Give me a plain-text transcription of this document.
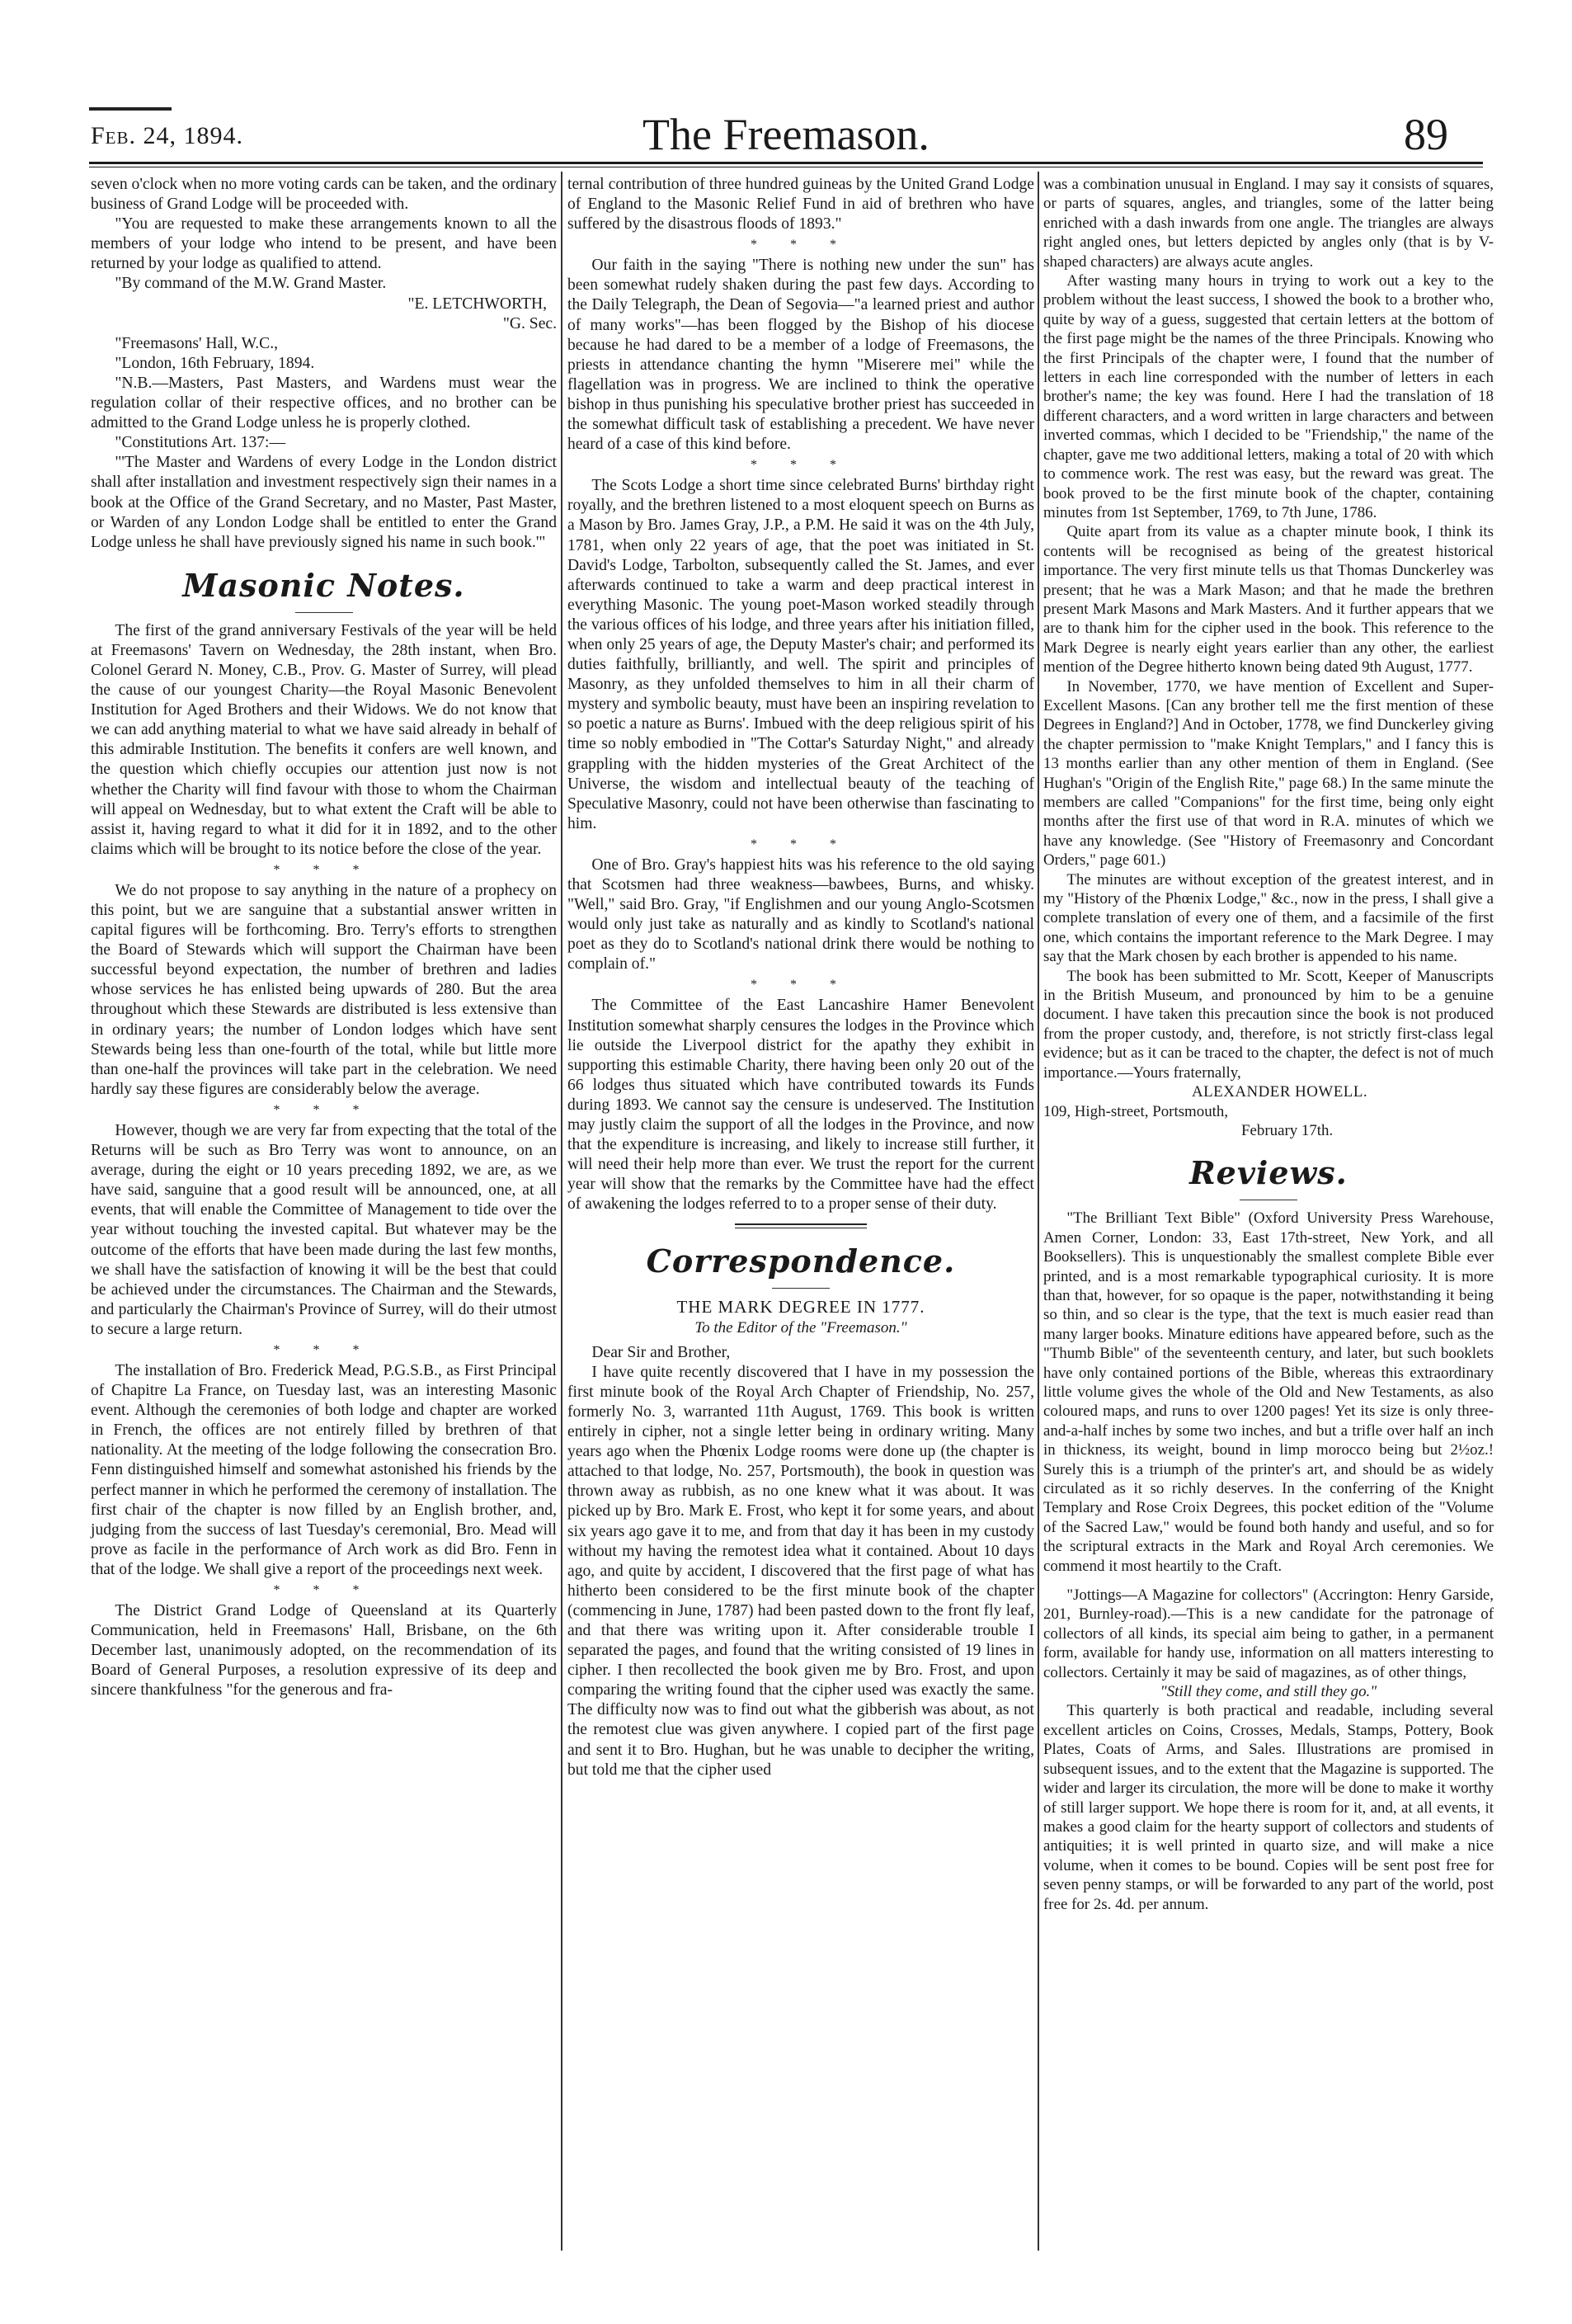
Feb. 24, 1894.	The Freemason.	89

seven o'clock when no more voting cards can be taken, and the ordinary business of Grand Lodge will be proceeded with.

"You are requested to make these arrangements known to all the members of your lodge who intend to be present, and have been returned by your lodge as qualified to attend.

"By command of the M.W. Grand Master.

"E. LETCHWORTH,

"G. Sec.

"Freemasons' Hall, W.C.,

"London, 16th February, 1894.

"N.B.—Masters, Past Masters, and Wardens must wear the regulation collar of their respective offices, and no brother can be admitted to the Grand Lodge unless he is properly clothed.

"Constitutions Art. 137:—

"'The Master and Wardens of every Lodge in the London district shall after installation and investment respectively sign their names in a book at the Office of the Grand Secretary, and no Master, Past Master, or Warden of any London Lodge shall be entitled to enter the Grand Lodge unless he shall have previously signed his name in such book.'"

Masonic Notes.

The first of the grand anniversary Festivals of the year will be held at Freemasons' Tavern on Wednesday, the 28th instant, when Bro. Colonel Gerard N. Money, C.B., Prov. G. Master of Surrey, will plead the cause of our youngest Charity—the Royal Masonic Benevolent Institution for Aged Brothers and their Widows. We do not know that we can add anything material to what we have said already in behalf of this admirable Institution. The benefits it confers are well known, and the question which chiefly occupies our attention just now is not whether the Charity will find favour with those to whom the Chairman will appeal on Wednesday, but to what extent the Craft will be able to assist it, having regard to what it did for it in 1892, and to the other claims which will be brought to its notice before the close of the year.

* * *

We do not propose to say anything in the nature of a prophecy on this point, but we are sanguine that a substantial answer written in capital figures will be forthcoming. Bro. Terry's efforts to strengthen the Board of Stewards which will support the Chairman have been successful beyond expectation, the number of brethren and ladies whose services he has enlisted being upwards of 280. But the area throughout which these Stewards are distributed is less extensive than in ordinary years; the number of London lodges which have sent Stewards being less than one-fourth of the total, while but little more than one-half the provinces will take part in the celebration. We need hardly say these figures are considerably below the average.

* * *

However, though we are very far from expecting that the total of the Returns will be such as Bro Terry was wont to announce, on an average, during the eight or 10 years preceding 1892, we are, as we have said, sanguine that a good result will be announced, one, at all events, that will enable the Committee of Management to tide over the year without touching the invested capital. But whatever may be the outcome of the efforts that have been made during the last few months, we shall have the satisfaction of knowing it will be the best that could be achieved under the circumstances. The Chairman and the Stewards, and particularly the Chairman's Province of Surrey, will do their utmost to secure a large return.

* * *

The installation of Bro. Frederick Mead, P.G.S.B., as First Principal of Chapitre La France, on Tuesday last, was an interesting Masonic event. Although the ceremonies of both lodge and chapter are worked in French, the offices are not entirely filled by brethren of that nationality. At the meeting of the lodge following the consecration Bro. Fenn distinguished himself and somewhat astonished his friends by the perfect manner in which he performed the ceremony of installation. The first chair of the chapter is now filled by an English brother, and, judging from the success of last Tuesday's ceremonial, Bro. Mead will prove as facile in the performance of Arch work as did Bro. Fenn in that of the lodge. We shall give a report of the proceedings next week.

* * *

The District Grand Lodge of Queensland at its Quarterly Communication, held in Freemasons' Hall, Brisbane, on the 6th December last, unanimously adopted, on the recommendation of its Board of General Purposes, a resolution expressive of its deep and sincere thankfulness "for the generous and fra-

ternal contribution of three hundred guineas by the United Grand Lodge of England to the Masonic Relief Fund in aid of brethren who have suffered by the disastrous floods of 1893."

* * *

Our faith in the saying "There is nothing new under the sun" has been somewhat rudely shaken during the past few days. According to the Daily Telegraph, the Dean of Segovia—"a learned priest and author of many works"—has been flogged by the Bishop of his diocese because he had dared to be a member of a lodge of Freemasons, the priests in attendance chanting the hymn "Miserere mei" while the flagellation was in progress. We are inclined to think the operative bishop in thus punishing his speculative brother priest has succeeded in the somewhat difficult task of establishing a precedent. We have never heard of a case of this kind before.

* * *

The Scots Lodge a short time since celebrated Burns' birthday right royally, and the brethren listened to a most eloquent speech on Burns as a Mason by Bro. James Gray, J.P., a P.M. He said it was on the 4th July, 1781, when only 22 years of age, that the poet was initiated in St. David's Lodge, Tarbolton, subsequently called the St. James, and ever afterwards continued to take a warm and deep practical interest in everything Masonic. The young poet-Mason worked steadily through the various offices of his lodge, and three years after his initiation filled, when only 25 years of age, the Deputy Master's chair; and performed its duties faithfully, brilliantly, and well. The spirit and principles of Masonry, as they unfolded themselves to him in all their charm of mystery and symbolic beauty, must have been an inspiring revelation to so poetic a nature as Burns'. Imbued with the deep religious spirit of his time so nobly embodied in "The Cottar's Saturday Night," and already grappling with the hidden mysteries of the Great Architect of the Universe, the wisdom and intellectual beauty of the teaching of Speculative Masonry, could not have been otherwise than fascinating to him.

* * *

One of Bro. Gray's happiest hits was his reference to the old saying that Scotsmen had three weakness—bawbees, Burns, and whisky. "Well," said Bro. Gray, "if Englishmen and our young Anglo-Scotsmen would only just take as naturally and as kindly to Scotland's national poet as they do to Scotland's national drink there would be nothing to complain of."

* * *

The Committee of the East Lancashire Hamer Benevolent Institution somewhat sharply censures the lodges in the Province which lie outside the Liverpool district for the apathy they exhibit in supporting this estimable Charity, there having been only 20 out of the 66 lodges thus situated which have contributed towards its Funds during 1893. We cannot say the censure is undeserved. The Institution may justly claim the support of all the lodges in the Province, and now that the expenditure is increasing, and likely to increase still further, it will need their help more than ever. We trust the report for the current year will show that the remarks by the Committee have had the effect of awakening the lodges referred to to a proper sense of their duty.

Correspondence.

THE MARK DEGREE IN 1777.

To the Editor of the "Freemason."

Dear Sir and Brother,

I have quite recently discovered that I have in my possession the first minute book of the Royal Arch Chapter of Friendship, No. 257, formerly No. 3, warranted 11th August, 1769. This book is written entirely in cipher, not a single letter being in ordinary writing. Many years ago when the Phœnix Lodge rooms were done up (the chapter is attached to that lodge, No. 257, Portsmouth), the book in question was thrown away as rubbish, as no one knew what it was about. It was picked up by Bro. Mark E. Frost, who kept it for some years, and about six years ago gave it to me, and from that day it has been in my custody without my having the remotest idea what it contained. About 10 days ago, and quite by accident, I discovered that the first page of what has hitherto been considered to be the first minute book of the chapter (commencing in June, 1787) had been pasted down to the front fly leaf, and that there was writing upon it. After considerable trouble I separated the pages, and found that the writing consisted of 19 lines in cipher. I then recollected the book given me by Bro. Frost, and upon comparing the writing found that the cipher used was exactly the same. The difficulty now was to find out what the gibberish was about, as not the remotest clue was given anywhere. I copied part of the first page and sent it to Bro. Hughan, but he was unable to decipher the writing, but told me that the cipher used

was a combination unusual in England. I may say it consists of squares, or parts of squares, angles, and triangles, some of the latter being enriched with a dash inwards from one angle. The triangles are always right angled ones, but letters depicted by angles only (that is by V-shaped characters) are always acute angles.

After wasting many hours in trying to work out a key to the problem without the least success, I showed the book to a brother who, quite by way of a guess, suggested that certain letters at the bottom of the first page might be the names of the three Principals. Knowing who the first Principals of the chapter were, I found that the number of letters in each line corresponded with the number of letters in each brother's name; the key was found. Here I had the translation of 18 different characters, and a word written in large characters and between inverted commas, which I decided to be "Friendship," the name of the chapter, gave me two additional letters, making a total of 20 with which to commence work. The rest was easy, but the reward was great. The book proved to be the first minute book of the chapter, containing minutes from 1st September, 1769, to 7th June, 1786.

Quite apart from its value as a chapter minute book, I think its contents will be recognised as being of the greatest historical importance. The very first minute tells us that Thomas Dunckerley was present; that he was a Mark Mason; and that he made the brethren present Mark Masons and Mark Masters. And it further appears that we are to thank him for the cipher used in the book. This reference to the Mark Degree is nearly eight years earlier than any other, the earliest mention of the Degree hitherto known being dated 9th August, 1777.

In November, 1770, we have mention of Excellent and Super-Excellent Masons. [Can any brother tell me the first mention of these Degrees in England?] And in October, 1778, we find Dunckerley giving the chapter permission to "make Knight Templars," and I fancy this is 13 months earlier than any other mention of them in England. (See Hughan's "Origin of the English Rite," page 68.) In the same minute the members are called "Companions" for the first time, being only eight months after the first use of that word in R.A. minutes of which we have any knowledge. (See "History of Freemasonry and Concordant Orders," page 601.)

The minutes are without exception of the greatest interest, and in my "History of the Phœnix Lodge," &c., now in the press, I shall give a complete translation of every one of them, and a facsimile of the first one, which contains the important reference to the Mark Degree. I may say that the Mark chosen by each brother is appended to his name.

The book has been submitted to Mr. Scott, Keeper of Manuscripts in the British Museum, and pronounced by him to be a genuine document. I have taken this precaution since the book is not produced from the proper custody, and, therefore, is not strictly first-class legal evidence; but as it can be traced to the chapter, the defect is not of much importance.—Yours fraternally,

ALEXANDER HOWELL.

109, High-street, Portsmouth,

February 17th.

Reviews.

"The Brilliant Text Bible" (Oxford University Press Warehouse, Amen Corner, London: 33, East 17th-street, New York, and all Booksellers). This is unquestionably the smallest complete Bible ever printed, and is a most remarkable typographical curiosity. It is more than that, however, for so opaque is the paper, notwithstanding it being so thin, and so clear is the type, that the text is much easier read than many larger books. Minature editions have appeared before, such as the "Thumb Bible" of the seventeenth century, and later, but such booklets have only contained portions of the Bible, whereas this extraordinary little volume gives the whole of the Old and New Testaments, as also coloured maps, and runs to over 1200 pages! Yet its size is only three-and-a-half inches by some two inches, and but a trifle over half an inch in thickness, its weight, bound in limp morocco being but 2½oz.! Surely this is a triumph of the printer's art, and should be as widely circulated as it so richly deserves. In the conferring of the Knight Templary and Rose Croix Degrees, this pocket edition of the "Volume of the Sacred Law," would be found both handy and useful, and so for the scriptural extracts in the Mark and Royal Arch ceremonies. We commend it most heartily to the Craft.

"Jottings—A Magazine for collectors" (Accrington: Henry Garside, 201, Burnley-road).—This is a new candidate for the patronage of collectors of all kinds, its special aim being to gather, in a permanent form, available for handy use, information on all matters interesting to collectors. Certainly it may be said of magazines, as of other things,

"Still they come, and still they go."

This quarterly is both practical and readable, including several excellent articles on Coins, Crosses, Medals, Stamps, Pottery, Book Plates, Coats of Arms, and Sales. Illustrations are promised in subsequent issues, and to the extent that the Magazine is supported. The wider and larger its circulation, the more will be done to make it worthy of still larger support. We hope there is room for it, and, at all events, it makes a good claim for the hearty support of collectors and students of antiquities; it is well printed in quarto size, and will make a nice volume, when it comes to be bound. Copies will be sent post free for seven penny stamps, or will be forwarded to any part of the world, post free for 2s. 4d. per annum.
